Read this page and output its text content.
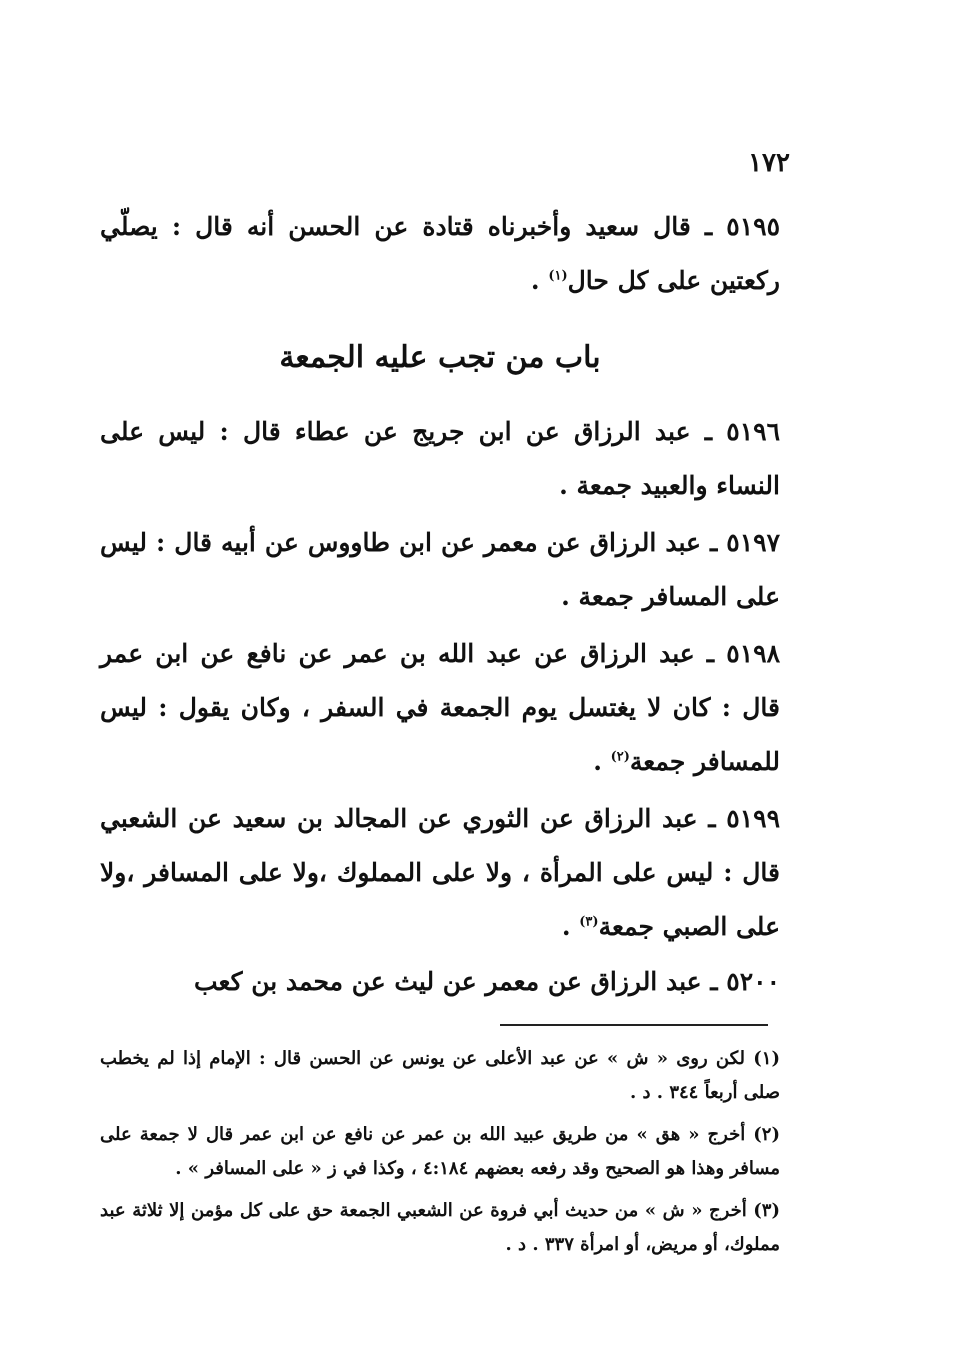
١٧٢
٥١٩٥ ـ قال سعيد وأخبرناه قتادة عن الحسن أنه قال : يصلّي ركعتين على كل حال$^{(١)}$ .
باب من تجب عليه الجمعة
٥١٩٦ ـ عبد الرزاق عن ابن جريج عن عطاء قال : ليس على النساء والعبيد جمعة .
٥١٩٧ ـ عبد الرزاق عن معمر عن ابن طاووس عن أبيه قال : ليس على المسافر جمعة .
٥١٩٨ ـ عبد الرزاق عن عبد الله بن عمر عن نافع عن ابن عمر قال : كان لا يغتسل يوم الجمعة في السفر ، وكان يقول : ليس للمسافر جمعة$^{(٢)}$ .
٥١٩٩ ـ عبد الرزاق عن الثوري عن المجالد بن سعيد عن الشعبي قال : ليس على المرأة ، ولا على المملوك ،ولا على المسافر ،ولا على الصبي جمعة$^{(٣)}$ .
٥٢٠٠ ـ عبد الرزاق عن معمر عن ليث عن محمد بن كعب
(١) لكن روى « ش » عن عبد الأعلى عن يونس عن الحسن قال : الإمام إذا لم يخطب صلى أربعاً ٣٤٤ . د .
(٢) أخرج « هق » من طريق عبيد الله بن عمر عن نافع عن ابن عمر قال لا جمعة على مسافر وهذا هو الصحيح وقد رفعه بعضهم ٤:١٨٤ ، وكذا في ز « على المسافر » .
(٣) أخرج « ش » من حديث أبي فروة عن الشعبي الجمعة حق على كل مؤمن إلا ثلاثة عبد مملوك، أو مريض، أو امرأة ٣٣٧ . د .
